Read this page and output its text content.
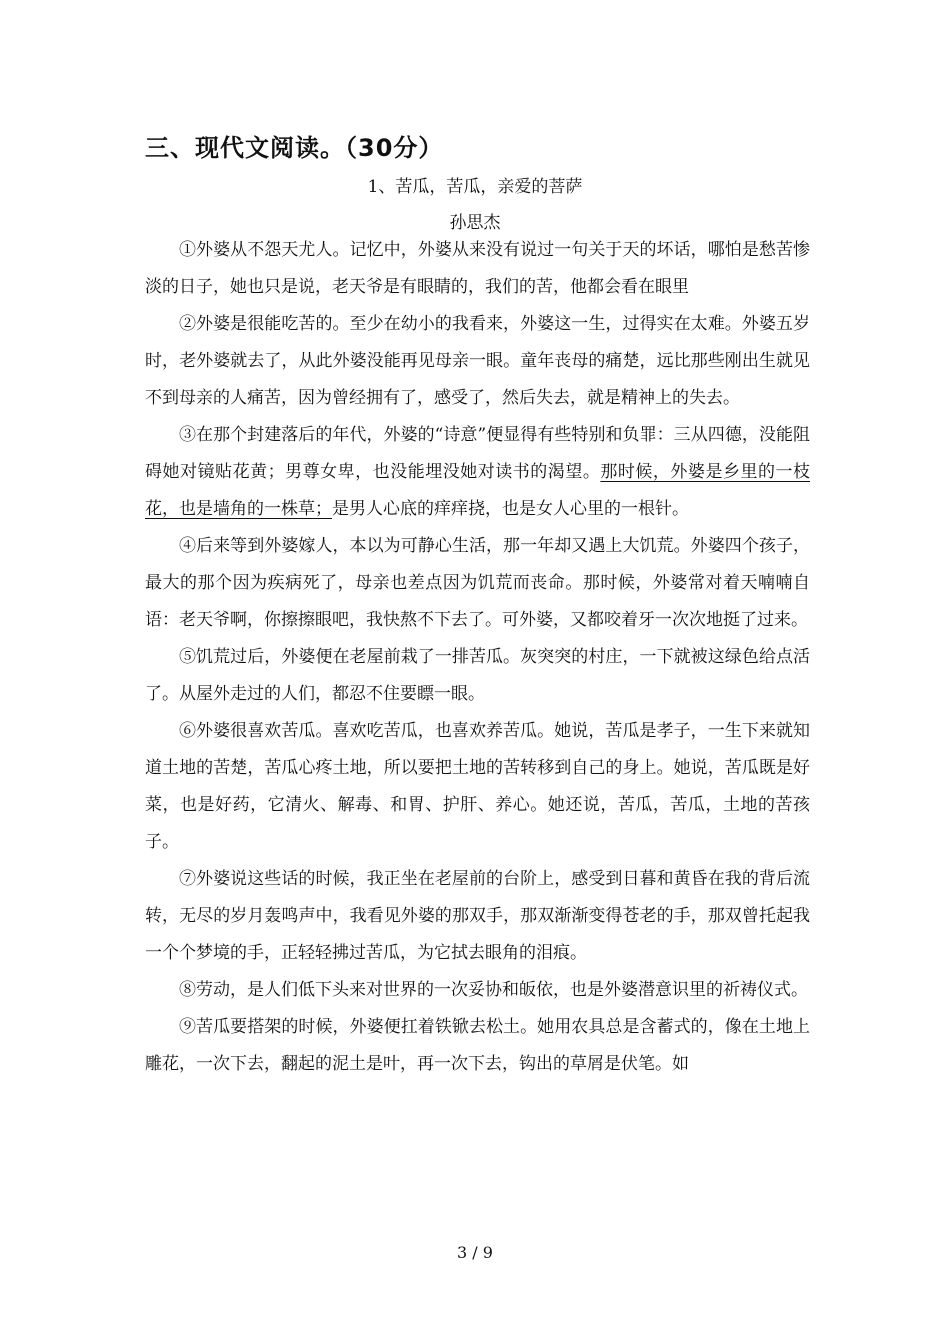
三、现代文阅读。（30分）
1、苦瓜，苦瓜，亲爱的菩萨
孙思杰

①外婆从不怨天尤人。记忆中，外婆从来没有说过一句关于天的坏话，哪怕是愁苦惨淡的日子，她也只是说，老天爷是有眼睛的，我们的苦，他都会看在眼里

②外婆是很能吃苦的。至少在幼小的我看来，外婆这一生，过得实在太难。外婆五岁时，老外婆就去了，从此外婆没能再见母亲一眼。童年丧母的痛楚，远比那些刚出生就见不到母亲的人痛苦，因为曾经拥有了，感受了，然后失去，就是精神上的失去。

③在那个封建落后的年代，外婆的“诗意”便显得有些特别和负罪：三从四德，没能阻碍她对镜贴花黄；男尊女卑，也没能埋没她对读书的渴望。那时候，外婆是乡里的一枝花，也是墙角的一株草；是男人心底的痒痒挠，也是女人心里的一根针。

④后来等到外婆嫁人，本以为可静心生活，那一年却又遇上大饥荒。外婆四个孩子，最大的那个因为疾病死了，母亲也差点因为饥荒而丧命。那时候，外婆常对着天喃喃自语：老天爷啊，你擦擦眼吧，我快熬不下去了。可外婆，又都咬着牙一次次地挺了过来。

⑤饥荒过后，外婆便在老屋前栽了一排苦瓜。灰突突的村庄，一下就被这绿色给点活了。从屋外走过的人们，都忍不住要瞟一眼。

⑥外婆很喜欢苦瓜。喜欢吃苦瓜，也喜欢养苦瓜。她说，苦瓜是孝子，一生下来就知道土地的苦楚，苦瓜心疼土地，所以要把土地的苦转移到自己的身上。她说，苦瓜既是好菜，也是好药，它清火、解毒、和胃、护肝、养心。她还说，苦瓜，苦瓜，土地的苦孩子。

⑦外婆说这些话的时候，我正坐在老屋前的台阶上，感受到日暮和黄昏在我的背后流转，无尽的岁月轰鸣声中，我看见外婆的那双手，那双渐渐变得苍老的手，那双曾托起我一个个梦境的手，正轻轻拂过苦瓜，为它拭去眼角的泪痕。

⑧劳动，是人们低下头来对世界的一次妥协和皈依，也是外婆潜意识里的祈祷仪式。

⑨苦瓜要搭架的时候，外婆便扛着铁锨去松土。她用农具总是含蓄式的，像在土地上雕花，一次下去，翻起的泥土是叶，再一次下去，钩出的草屑是伏笔。如

3 / 9
